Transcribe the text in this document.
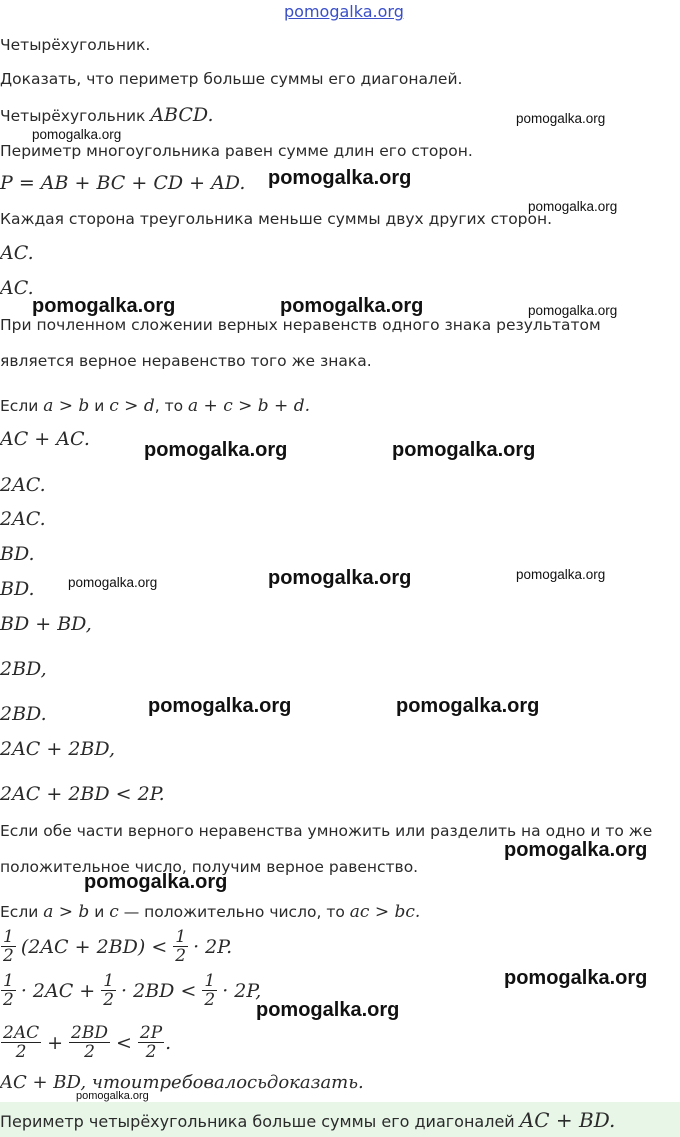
pomogalka.org
Четырёхугольник.
Доказать, что периметр больше суммы его диагоналей.
Четырёхугольник ABCD.
Периметр многоугольника равен сумме длин его сторон.
P = AB + BC + CD + AD.
Каждая сторона треугольника меньше суммы двух других сторон.
AC.
AC.
При почленном сложении верных неравенств одного знака результатом
является верное неравенство того же знака.
Если a > b и c > d, то a + c > b + d.
AC + AC.
2AC.
2AC.
BD.
BD.
BD + BD,
2BD,
2BD.
2AC + 2BD,
2AC + 2BD < 2P.
Если обе части верного неравенства умножить или разделить на одно и то же
положительное число, получим верное равенство.
Если a > b и c — положительно число, то ac > bc.
$\frac{1}{2} (2AC + 2BD) < \frac{1}{2} \cdot 2P$.
$\frac{1}{2} \cdot 2AC + \frac{1}{2} \cdot 2BD < \frac{1}{2} \cdot 2P$,
$\frac{2AC}{2} + \frac{2BD}{2} < \frac{2P}{2}$ .
AC + BD, чтоитребовалосьдоказать.
Периметр четырёхугольника больше суммы его диагоналей AC + BD.
pomogalka.org
pomogalka.org
pomogalka.org
pomogalka.org
pomogalka.org	pomogalka.org	pomogalka.org
pomogalka.org	pomogalka.org
pomogalka.org	pomogalka.org	pomogalka.org
pomogalka.org	pomogalka.org
pomogalka.org
pomogalka.org
pomogalka.org
pomogalka.org
pomogalka.org
